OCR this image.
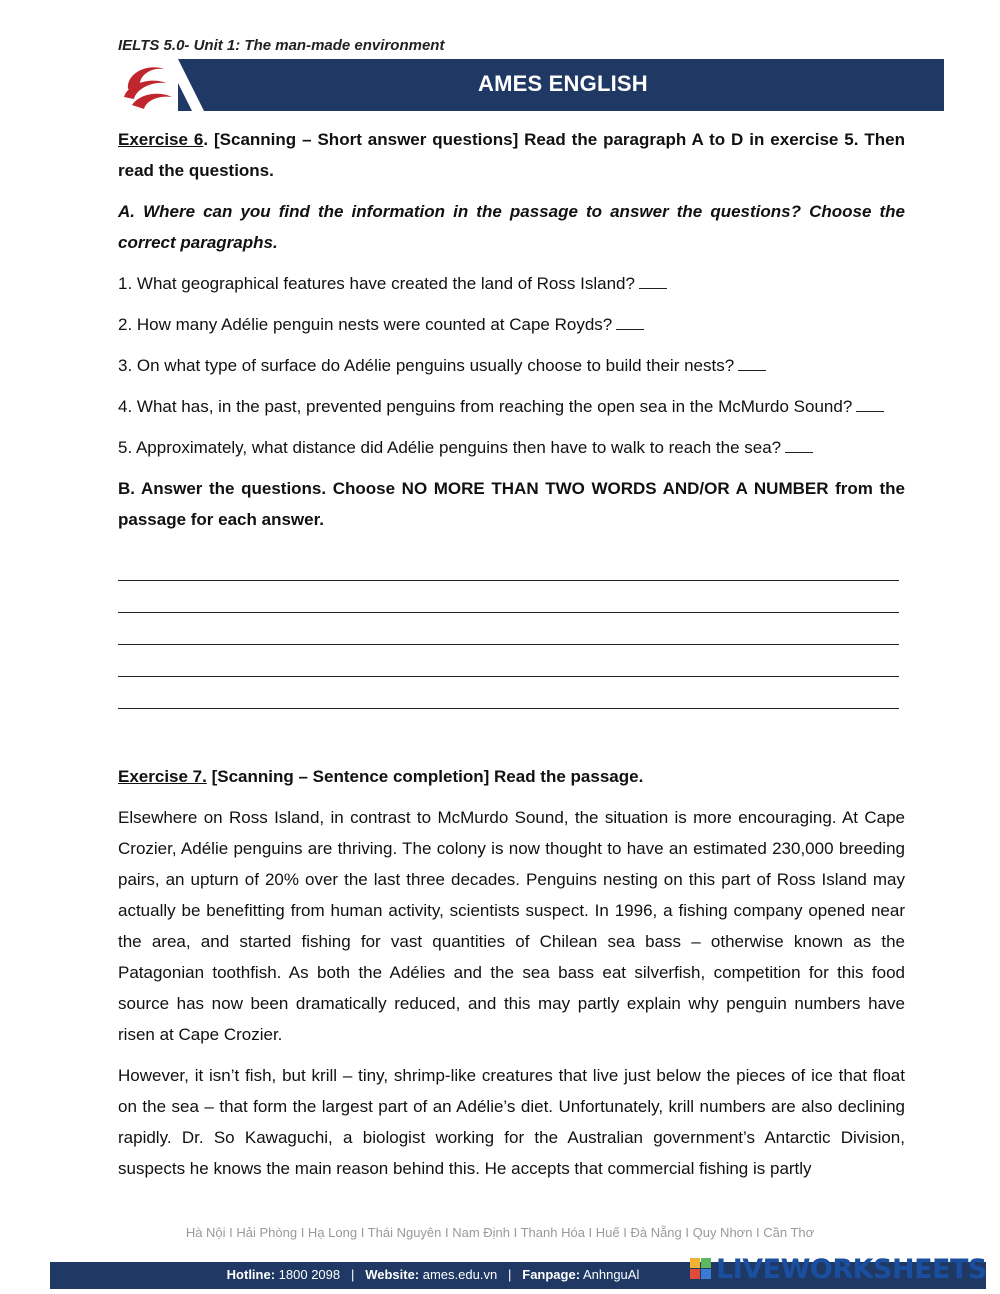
IELTS 5.0- Unit 1: The man-made environment
AMES ENGLISH

Exercise 6. [Scanning – Short answer questions] Read the paragraph A to D in exercise 5. Then read the questions.

A. Where can you find the information in the passage to answer the questions? Choose the correct paragraphs.

1. What geographical features have created the land of Ross Island?

2. How many Adélie penguin nests were counted at Cape Royds?

3. On what type of surface do Adélie penguins usually choose to build their nests?

4. What has, in the past, prevented penguins from reaching the open sea in the McMurdo Sound?

5. Approximately, what distance did Adélie penguins then have to walk to reach the sea?

B. Answer the questions. Choose NO MORE THAN TWO WORDS AND/OR A NUMBER from the passage for each answer.

Exercise 7. [Scanning – Sentence completion] Read the passage.

Elsewhere on Ross Island, in contrast to McMurdo Sound, the situation is more encouraging. At Cape Crozier, Adélie penguins are thriving. The colony is now thought to have an estimated 230,000 breeding pairs, an upturn of 20% over the last three decades. Penguins nesting on this part of Ross Island may actually be benefitting from human activity, scientists suspect. In 1996, a fishing company opened near the area, and started fishing for vast quantities of Chilean sea bass – otherwise known as the Patagonian toothfish. As both the Adélies and the sea bass eat silverfish, competition for this food source has now been dramatically reduced, and this may partly explain why penguin numbers have risen at Cape Crozier.

However, it isn’t fish, but krill – tiny, shrimp-like creatures that live just below the pieces of ice that float on the sea – that form the largest part of an Adélie’s diet. Unfortunately, krill numbers are also declining rapidly. Dr. So Kawaguchi, a biologist working for the Australian government’s Antarctic Division, suspects he knows the main reason behind this. He accepts that commercial fishing is partly

Hà Nội I Hải Phòng I Hạ Long I Thái Nguyên I Nam Định I Thanh Hóa I Huế I Đà Nẵng I Quy Nhơn I Cần Thơ
Hotline: 1800 2098   |   Website: ames.edu.vn   |   Fanpage: AnhnguAl	LIVEWORKSHEETS
